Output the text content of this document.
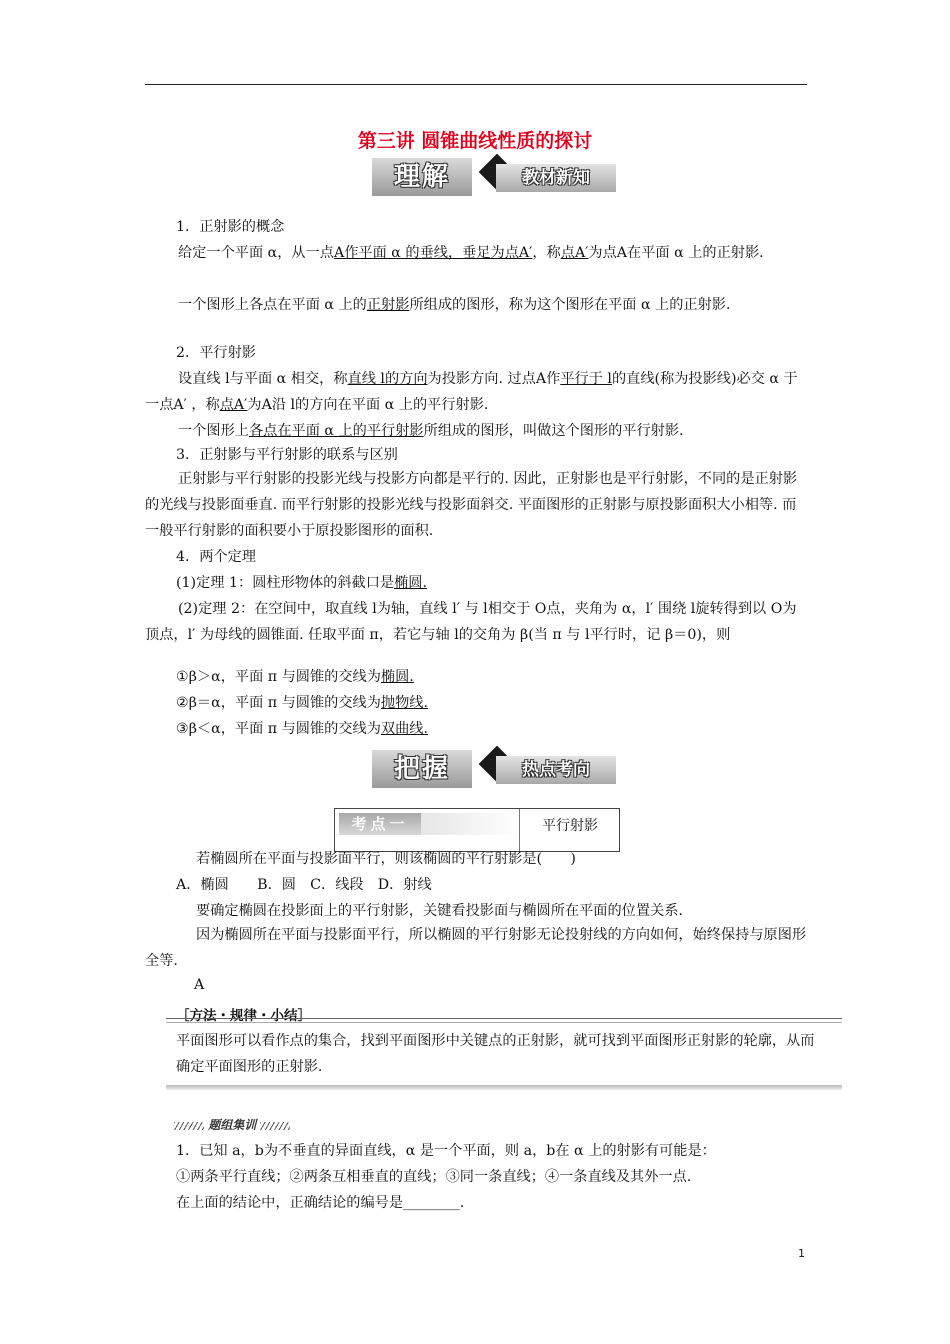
第三讲 圆锥曲线性质的探讨
理解	教材新知
1．正射影的概念
给定一个平面 α，从一点A作平面 α 的垂线，垂足为点A′，称点A′为点A在平面 α 上的正射影.
一个图形上各点在平面 α 上的正射影所组成的图形，称为这个图形在平面 α 上的正射影.
2．平行射影
设直线 l与平面 α 相交，称直线 l的方向为投影方向. 过点A作平行于 l的直线(称为投影线)必交 α 于一点A′ ，称点A′为A沿 l的方向在平面 α 上的平行射影.
一个图形上各点在平面 α 上的平行射影所组成的图形，叫做这个图形的平行射影.
3．正射影与平行射影的联系与区别
正射影与平行射影的投影光线与投影方向都是平行的. 因此，正射影也是平行射影，不同的是正射影的光线与投影面垂直. 而平行射影的投影光线与投影面斜交. 平面图形的正射影与原投影面积大小相等. 而一般平行射影的面积要小于原投影图形的面积.
4．两个定理
(1)定理 1：圆柱形物体的斜截口是椭圆.
(2)定理 2：在空间中，取直线 l为轴，直线 l′ 与 l相交于 O点，夹角为 α，l′ 围绕 l旋转得到以 O为顶点，l′ 为母线的圆锥面. 任取平面 π，若它与轴 l的交角为 β(当 π 与 l平行时，记 β＝0)，则
①β＞α，平面 π 与圆锥的交线为椭圆.
②β＝α，平面 π 与圆锥的交线为抛物线.
③β＜α，平面 π 与圆锥的交线为双曲线.
把握	热点考向
考点一	平行射影
若椭圆所在平面与投影面平行，则该椭圆的平行射影是(　　)
A．椭圆　　B．圆　C．线段　D．射线
要确定椭圆在投影面上的平行射影，关键看投影面与椭圆所在平面的位置关系.
因为椭圆所在平面与投影面平行，所以椭圆的平行射影无论投射线的方向如何，始终保持与原图形全等.
A
［方法・规律・小结］
平面图形可以看作点的集合，找到平面图形中关键点的正射影，就可找到平面图形正射影的轮廓，从而确定平面图形的正射影.
题组集训
1．已知 a，b为不垂直的异面直线，α 是一个平面，则 a，b在 α 上的射影有可能是：
①两条平行直线；②两条互相垂直的直线；③同一条直线；④一条直线及其外一点.
在上面的结论中，正确结论的编号是________.
1
